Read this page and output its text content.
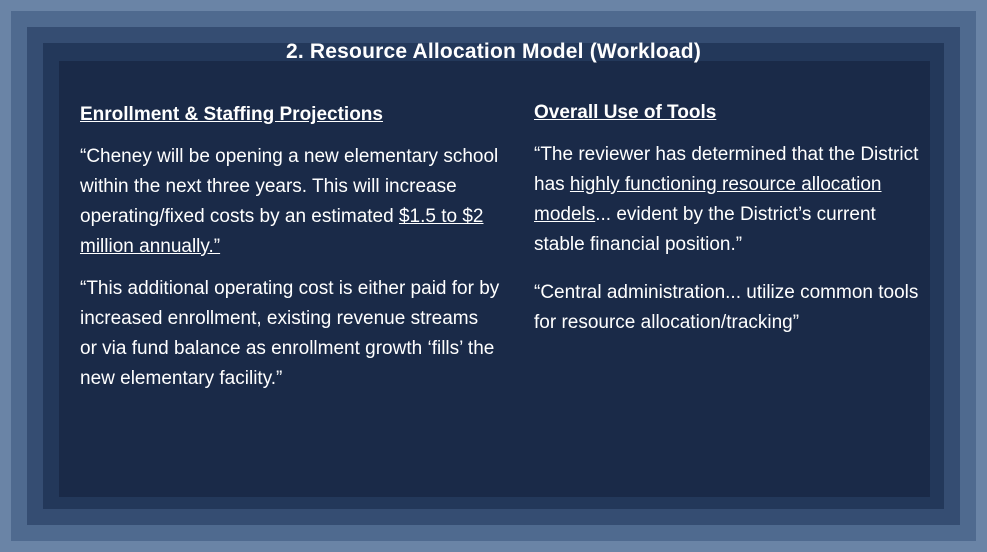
2. Resource Allocation Model (Workload)
Enrollment & Staffing Projections

“Cheney will be opening a new elementary school within the next three years. This will increase operating/fixed costs by an estimated $1.5 to $2 million annually.”

“This additional operating cost is either paid for by increased enrollment, existing revenue streams or via fund balance as enrollment growth ‘fills’ the new elementary facility.”

Overall Use of Tools

“The reviewer has determined that the District has highly functioning resource allocation models... evident by the District’s current stable financial position.”

“Central administration... utilize common tools for resource allocation/tracking”
